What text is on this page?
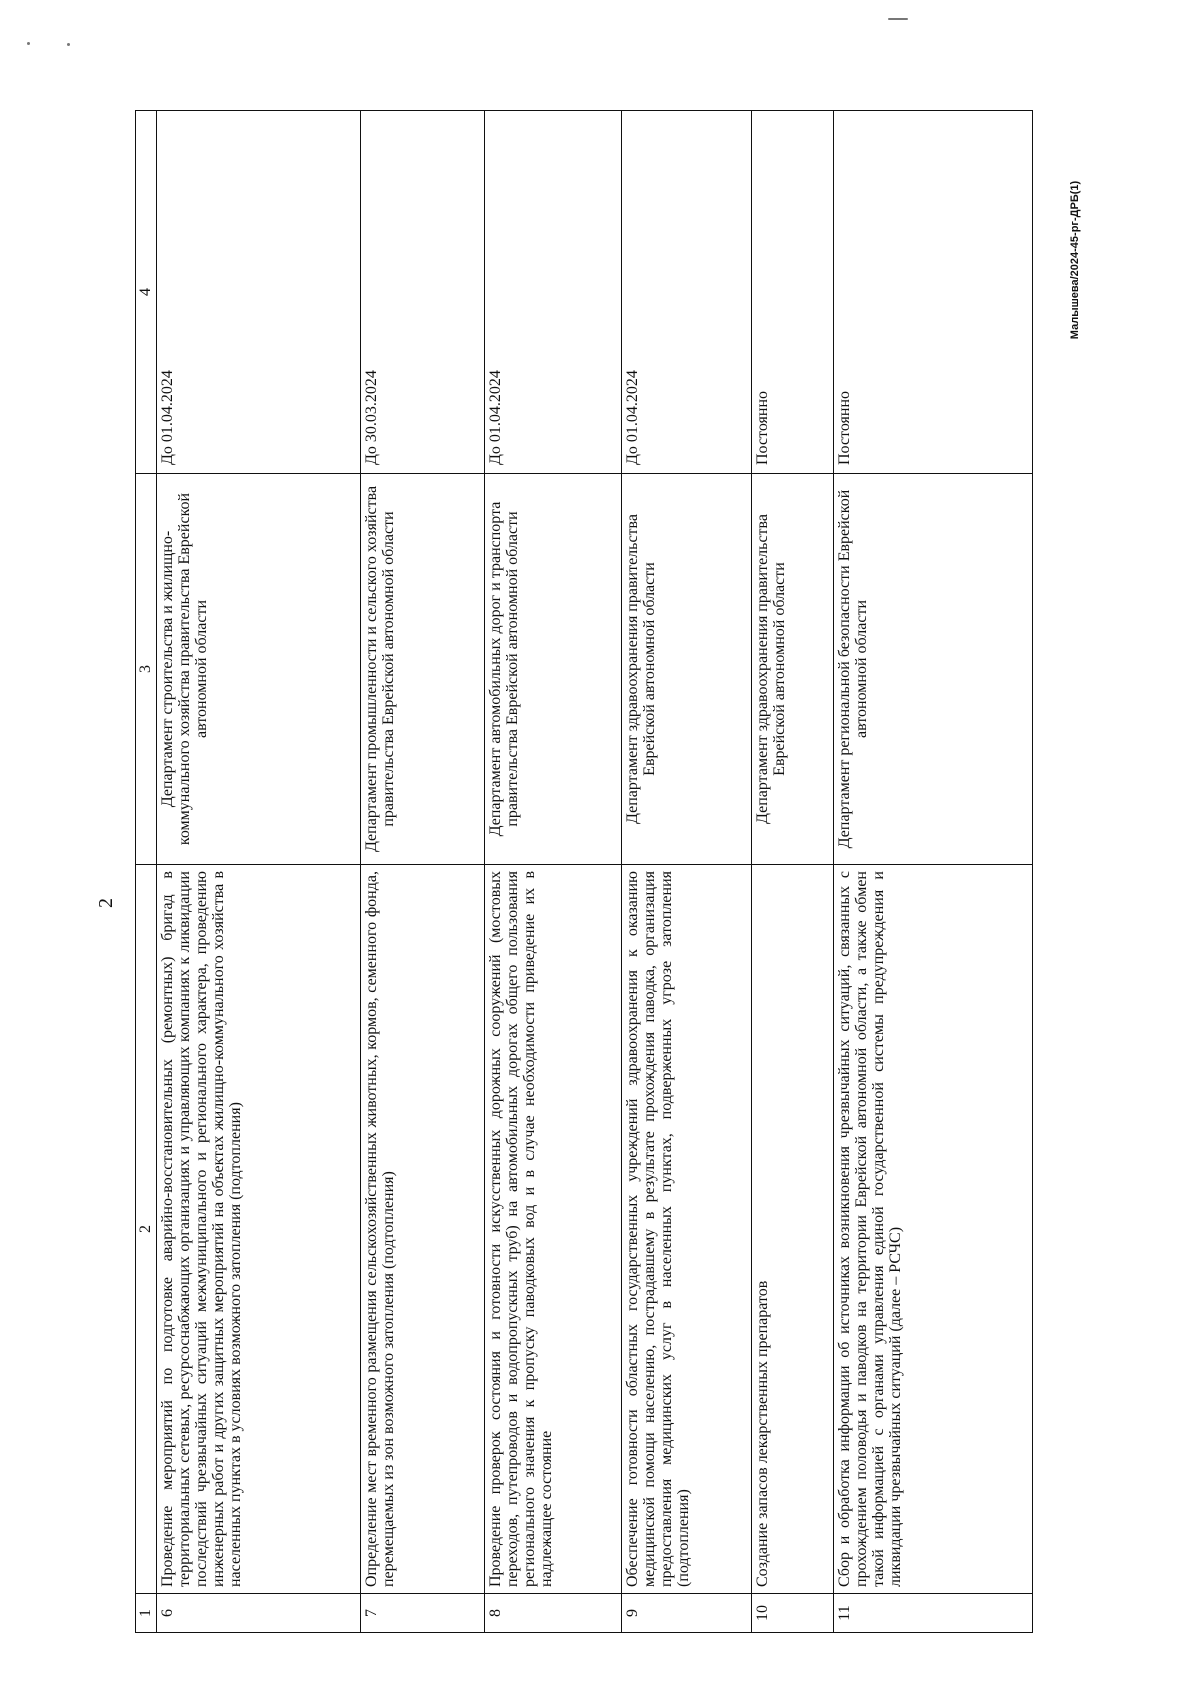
2
Малышева/2024-45-рг-ДРБ(1)
1	2	3	4
6	Проведение мероприятий по подготовке аварийно-восстановительных (ремонтных) бригад в территориальных сетевых, ресурсоснабжающих организациях и управляющих компаниях к ликвидации последствий чрезвычайных ситуаций межмуниципального и регионального характера, проведению инженерных работ и других защитных мероприятий на объектах жилищно-коммунального хозяйства в населенных пунктах в условиях возможного затопления (подтопления)	Департамент строительства и жилищно-коммунального хозяйства правительства Еврейской автономной области	До 01.04.2024
7	Определение мест временного размещения сельскохозяйственных животных, кормов, семенного фонда, перемещаемых из зон возможного затопления (подтопления)	Департамент промышленности и сельского хозяйства правительства Еврейской автономной области	До 30.03.2024
8	Проведение проверок состояния и готовности искусственных дорожных сооружений (мостовых переходов, путепроводов и водопропускных труб) на автомобильных дорогах общего пользования регионального значения к пропуску паводковых вод и в случае необходимости приведение их в надлежащее состояние	Департамент автомобильных дорог и транспорта правительства Еврейской автономной области	До 01.04.2024
9	Обеспечение готовности областных государственных учреждений здравоохранения к оказанию медицинской помощи населению, пострадавшему в результате прохождения паводка, организация предоставления медицинских услуг в населенных пунктах, подверженных угрозе затопления (подтопления)	Департамент здравоохранения правительства Еврейской автономной области	До 01.04.2024
10	Создание запасов лекарственных препаратов	Департамент здравоохранения правительства Еврейской автономной области	Постоянно
11	Сбор и обработка информации об источниках возникновения чрезвычайных ситуаций, связанных с прохождением половодья и паводков на территории Еврейской автономной области, а также обмен такой информацией с органами управления единой государственной системы предупреждения и ликвидации чрезвычайных ситуаций (далее – РСЧС)	Департамент региональной безопасности Еврейской автономной области	Постоянно
